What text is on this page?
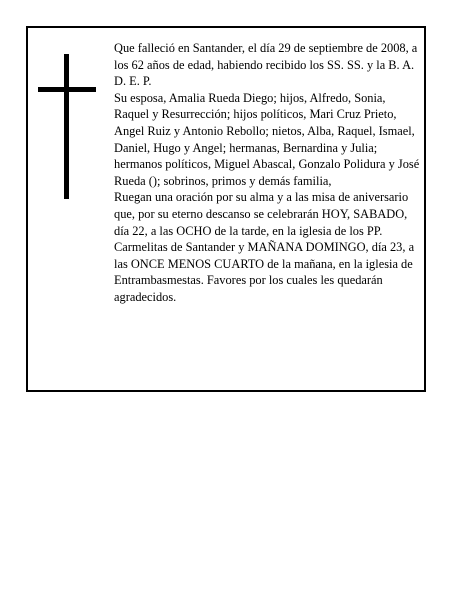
Que falleció en Santander, el día 29 de septiembre de 2008, a los 62 años de edad, habiendo recibido los SS. SS. y la B. A.

D. E. P.

Su esposa, Amalia Rueda Diego; hijos, Alfredo, Sonia, Raquel y Resurrección; hijos políticos, Mari Cruz Prieto, Angel Ruiz y Antonio Rebollo; nietos, Alba, Raquel, Ismael, Daniel, Hugo y Angel; hermanas, Bernardina y Julia; hermanos políticos, Miguel Abascal, Gonzalo Polidura y José Rueda (); sobrinos, primos y demás familia,

Ruegan una oración por su alma y a las misa de aniversario que, por su eterno descanso se celebrarán HOY, SABADO, día 22, a las OCHO de la tarde, en la iglesia de los PP. Carmelitas de Santander y MAÑANA DOMINGO, día 23, a las ONCE MENOS CUARTO de la mañana, en la iglesia de Entrambasmestas. Favores por los cuales les quedarán agradecidos.
